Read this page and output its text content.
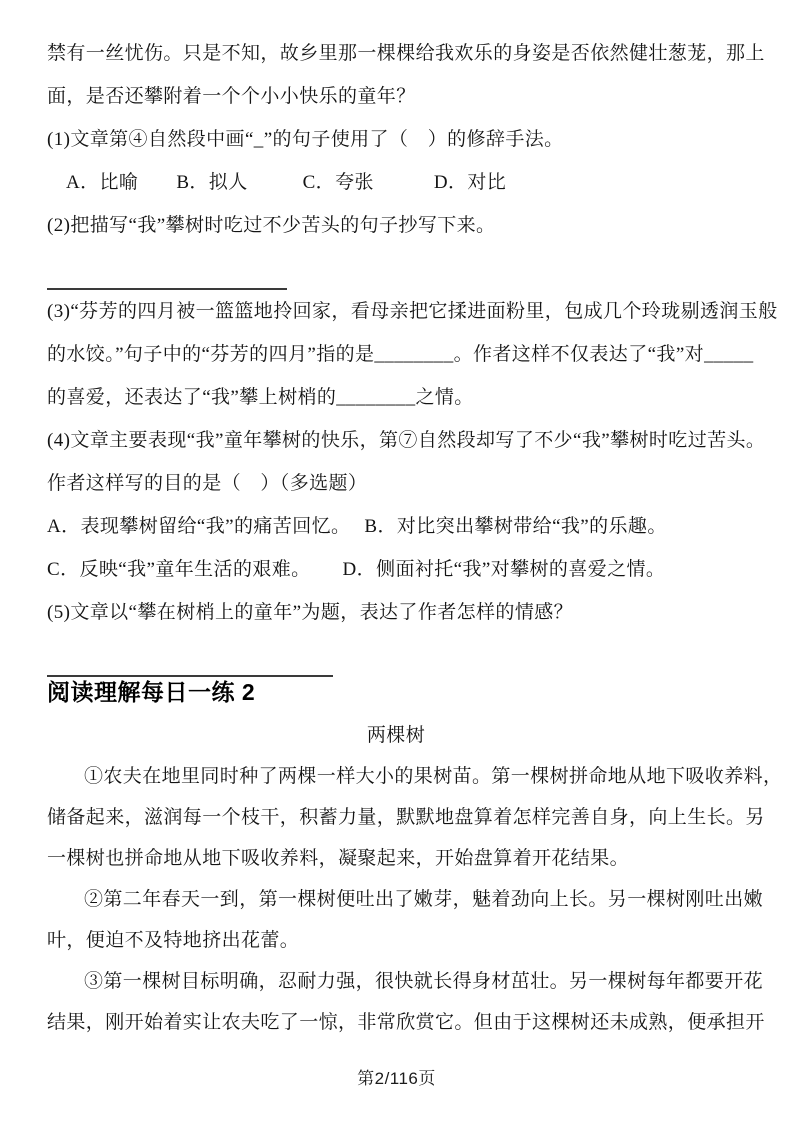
禁有一丝忧伤。只是不知，故乡里那一棵棵给我欢乐的身姿是否依然健壮葱茏，那上
面，是否还攀附着一个个小小快乐的童年？
(1)文章第④自然段中画“_”的句子使用了（　）的修辞手法。
A．比喻 B．拟人	C．夸张	D．对比
(2)把描写“我”攀树时吃过不少苦头的句子抄写下来。
(3)“芬芳的四月被一篮篮地拎回家，看母亲把它揉进面粉里，包成几个玲珑剔透润玉般
的水饺。”句子中的“芬芳的四月”指的是________。作者这样不仅表达了“我”对_____
的喜爱，还表达了“我”攀上树梢的________之情。
(4)文章主要表现“我”童年攀树的快乐，第⑦自然段却写了不少“我”攀树时吃过苦头。
作者这样写的目的是（　）（多选题）
A．表现攀树留给“我”的痛苦回忆。 B．对比突出攀树带给“我”的乐趣。
C．反映“我”童年生活的艰难。 D．侧面衬托“我”对攀树的喜爱之情。
(5)文章以“攀在树梢上的童年”为题，表达了作者怎样的情感？
阅读理解每日一练 2
两棵树
①农夫在地里同时种了两棵一样大小的果树苗。第一棵树拼命地从地下吸收养料，
储备起来，滋润每一个枝干，积蓄力量，默默地盘算着怎样完善自身，向上生长。另
一棵树也拼命地从地下吸收养料，凝聚起来，开始盘算着开花结果。
②第二年春天一到，第一棵树便吐出了嫩芽，魅着劲向上长。另一棵树刚吐出嫩
叶，便迫不及特地挤出花蕾。
③第一棵树目标明确，忍耐力强，很快就长得身材茁壮。另一棵树每年都要开花
结果，刚开始着实让农夫吃了一惊，非常欣赏它。但由于这棵树还未成熟，便承担开
第2/116页
